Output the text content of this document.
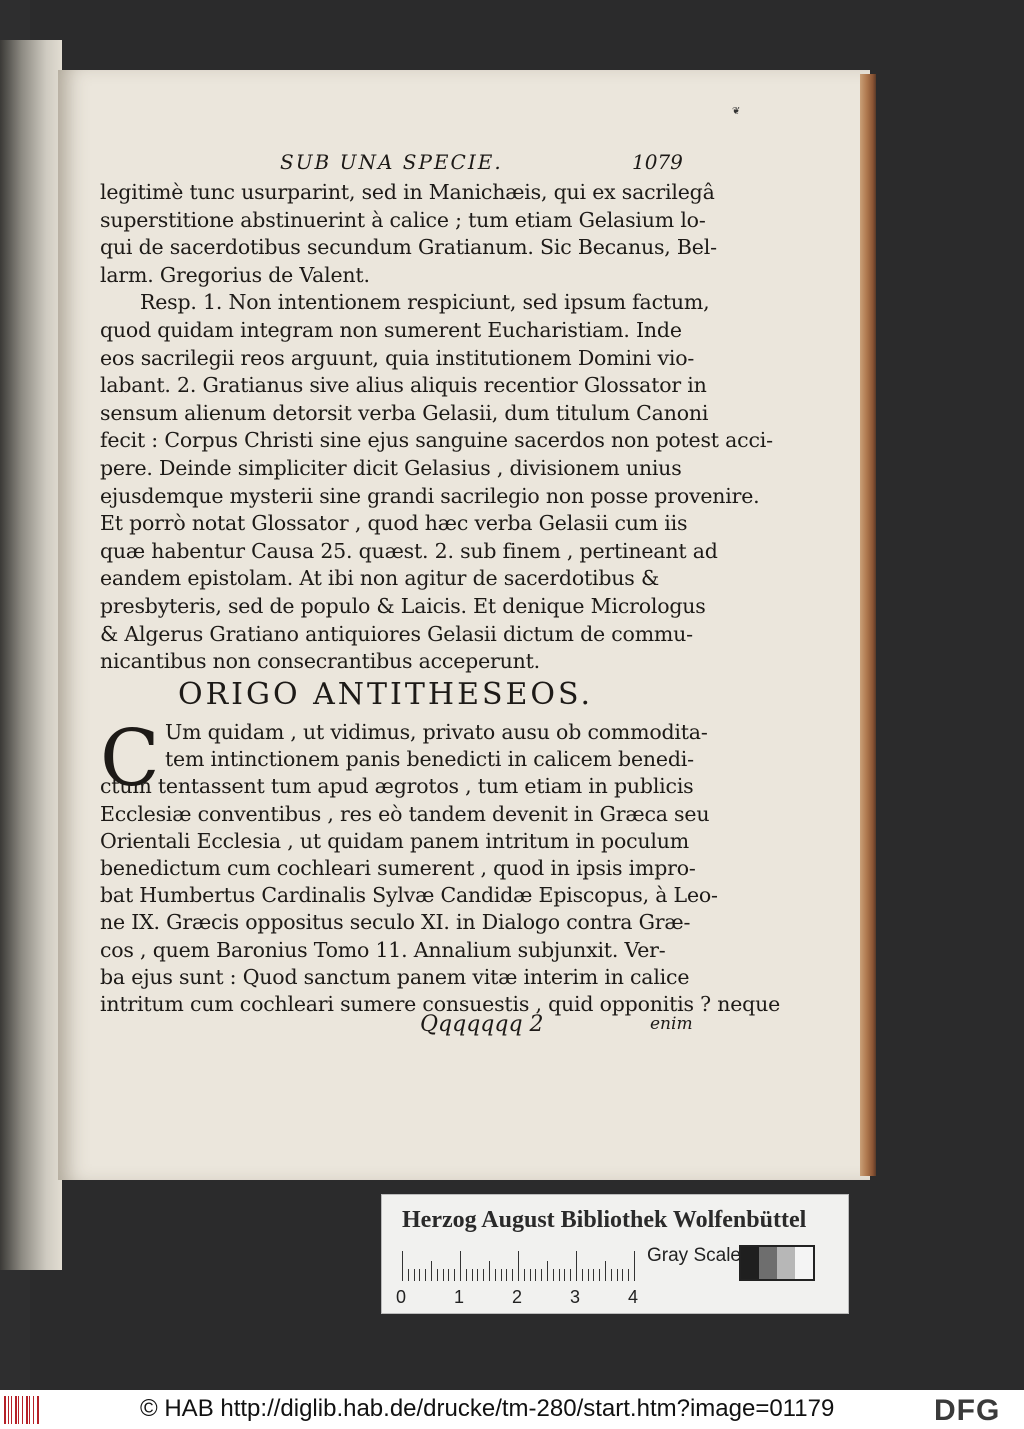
❦
SUB UNA SPECIE.	1079
legitimè tunc usurparint, sed in Manichæis, qui ex sacrilegâ
superstitione abstinuerint à calice ; tum etiam Gelasium lo-
qui de sacerdotibus secundum Gratianum. Sic Becanus, Bel-
larm. Gregorius de Valent.
Resp. 1. Non intentionem respiciunt, sed ipsum factum,
quod quidam integram non sumerent Eucharistiam. Inde
eos sacrilegii reos arguunt, quia institutionem Domini vio-
labant. 2. Gratianus sive alius aliquis recentior Glossator in
sensum alienum detorsit verba Gelasii, dum titulum Canoni
fecit : Corpus Christi sine ejus sanguine sacerdos non potest acci-
pere. Deinde simpliciter dicit Gelasius , divisionem unius
ejusdemque mysterii sine grandi sacrilegio non posse provenire.
Et porrò notat Glossator , quod hæc verba Gelasii cum iis
quæ habentur Causa 25. quæst. 2. sub finem , pertineant ad
eandem epistolam. At ibi non agitur de sacerdotibus &
presbyteris, sed de populo & Laicis. Et denique Micrologus
& Algerus Gratiano antiquiores Gelasii dictum de commu-
nicantibus non consecrantibus acceperunt.
ORIGO ANTITHESEOS.
C Um quidam , ut vidimus, privato ausu ob commodita-
tem intinctionem panis benedicti in calicem benedi-
ctum tentassent tum apud ægrotos , tum etiam in publicis
Ecclesiæ conventibus , res eò tandem devenit in Græca seu
Orientali Ecclesia , ut quidam panem intritum in poculum
benedictum cum cochleari sumerent , quod in ipsis impro-
bat Humbertus Cardinalis Sylvæ Candidæ Episcopus, à Leo-
ne IX. Græcis oppositus seculo XI. in Dialogo contra Græ-
cos , quem Baronius Tomo 11. Annalium subjunxit. Ver-
ba ejus sunt : Quod sanctum panem vitæ interim in calice
intritum cum cochleari sumere consuestis , quid opponitis ? neque
Qqqqqqq 2	enim
Herzog August Bibliothek Wolfenbüttel
0	1	2	3	4
Gray Scale
© HAB http://diglib.hab.de/drucke/tm-280/start.htm?image=01179	DFG
